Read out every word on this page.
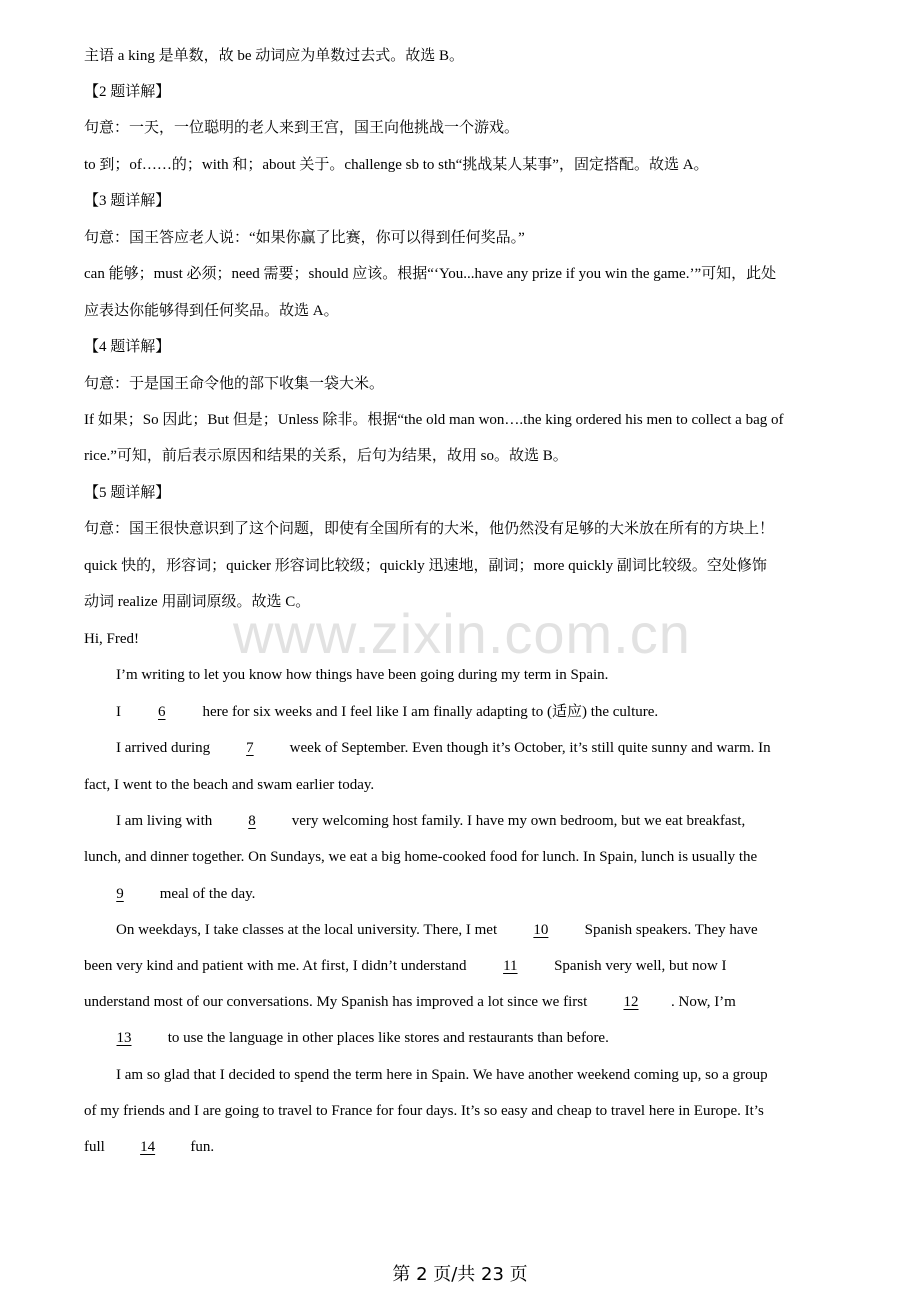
主语 a king 是单数，故 be 动词应为单数过去式。故选 B。
【2 题详解】
句意：一天，一位聪明的老人来到王宫，国王向他挑战一个游戏。
to 到；of……的；with 和；about 关于。challenge sb to sth“挑战某人某事”，固定搭配。故选 A。
【3 题详解】
句意：国王答应老人说：“如果你赢了比赛，你可以得到任何奖品。”
can 能够；must 必须；need 需要；should 应该。根据“‘You...have any prize if you win the game.’”可知，此处
应表达你能够得到任何奖品。故选 A。
【4 题详解】
句意：于是国王命令他的部下收集一袋大米。
If 如果；So 因此；But 但是；Unless 除非。根据“the old man won….the king ordered his men to collect a bag of
rice.”可知，前后表示原因和结果的关系，后句为结果，故用 so。故选 B。
【5 题详解】
句意：国王很快意识到了这个问题，即使有全国所有的大米，他仍然没有足够的大米放在所有的方块上！
quick 快的，形容词；quicker 形容词比较级；quickly 迅速地，副词；more quickly 副词比较级。空处修饰
动词 realize 用副词原级。故选 C。
Hi, Fred!
I’m writing to let you know how things have been going during my term in Spain.
I 6 here for six weeks and I feel like I am finally adapting to (适应) the culture.
I arrived during 7 week of September. Even though it’s October, it’s still quite sunny and warm. In
fact, I went to the beach and swam earlier today.
I am living with 8 very welcoming host family. I have my own bedroom, but we eat breakfast,
lunch, and dinner together. On Sundays, we eat a big home-cooked food for lunch. In Spain, lunch is usually the
9 meal of the day.
On weekdays, I take classes at the local university. There, I met 10 Spanish speakers. They have
been very kind and patient with me. At first, I didn’t understand 11 Spanish very well, but now I
understand most of our conversations. My Spanish has improved a lot since we first 12 . Now, I’m
13 to use the language in other places like stores and restaurants than before.
I am so glad that I decided to spend the term here in Spain. We have another weekend coming up, so a group
of my friends and I are going to travel to France for four days. It’s so easy and cheap to travel here in Europe. It’s
full 14 fun.
www.zixin.com.cn
第 2 页/共 23 页
